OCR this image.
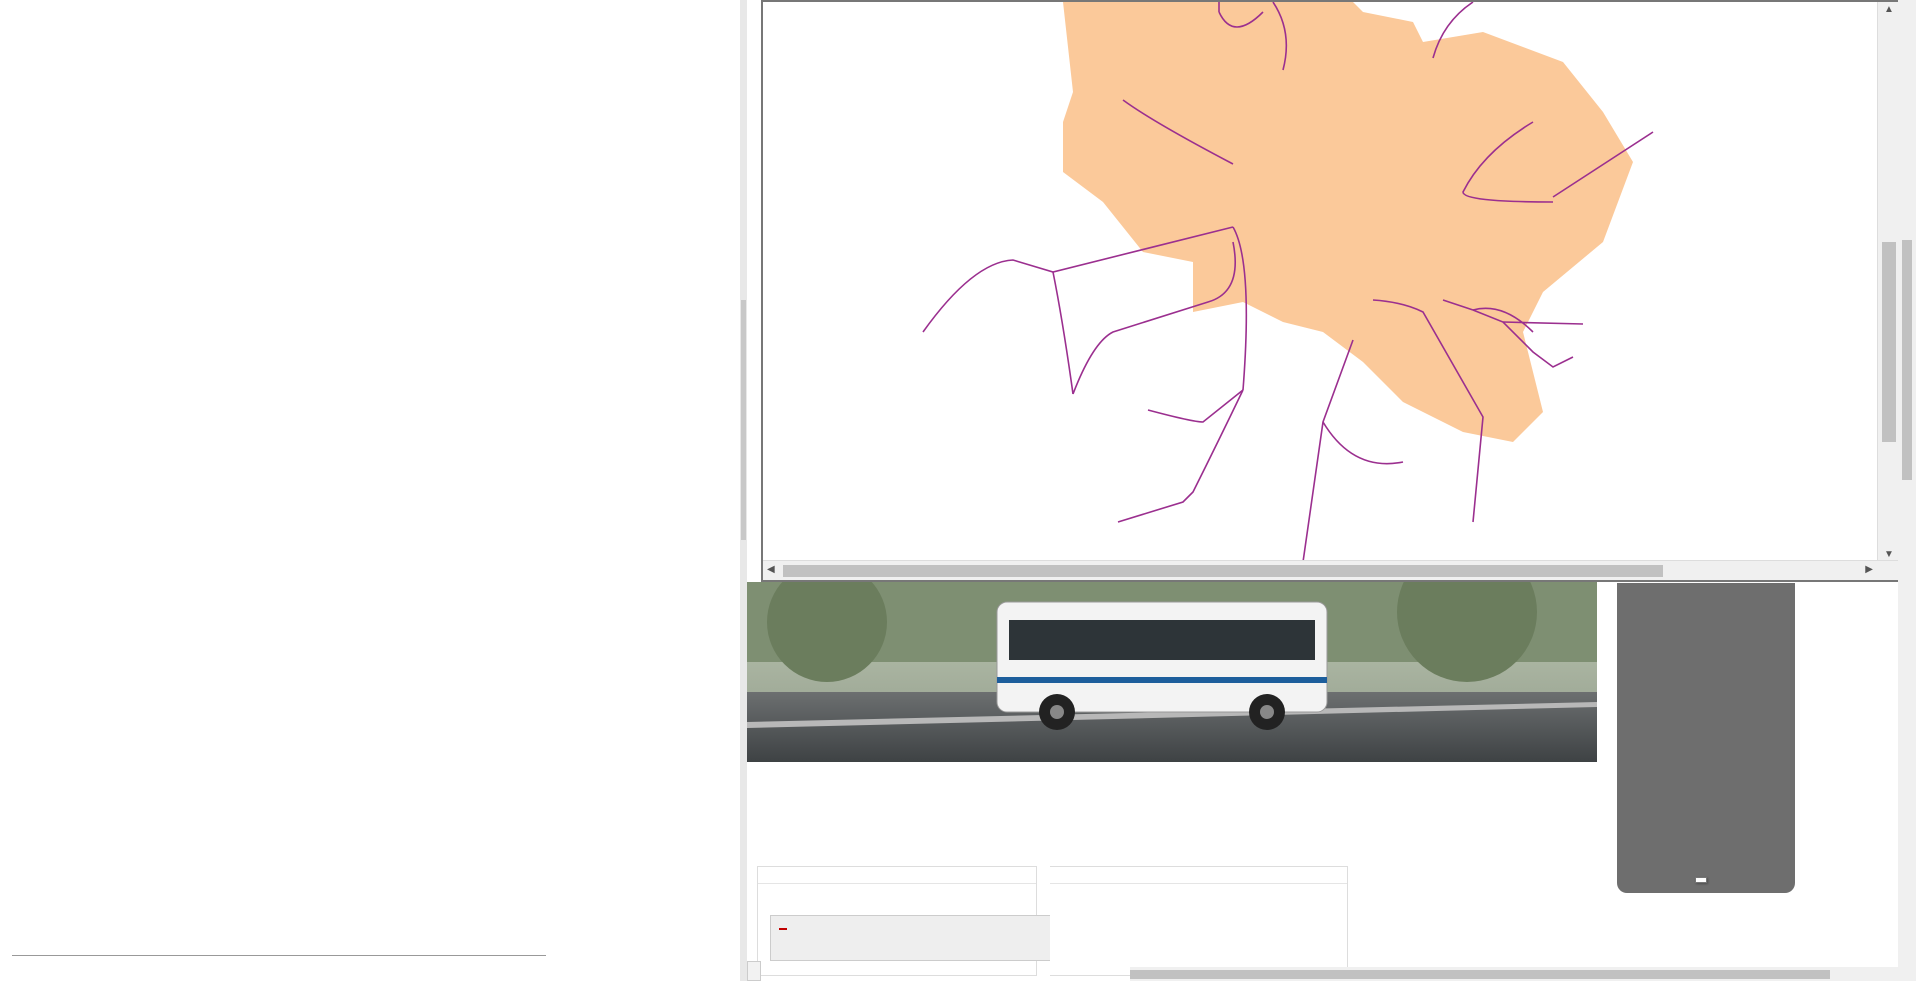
▲
▼
◀	▶
